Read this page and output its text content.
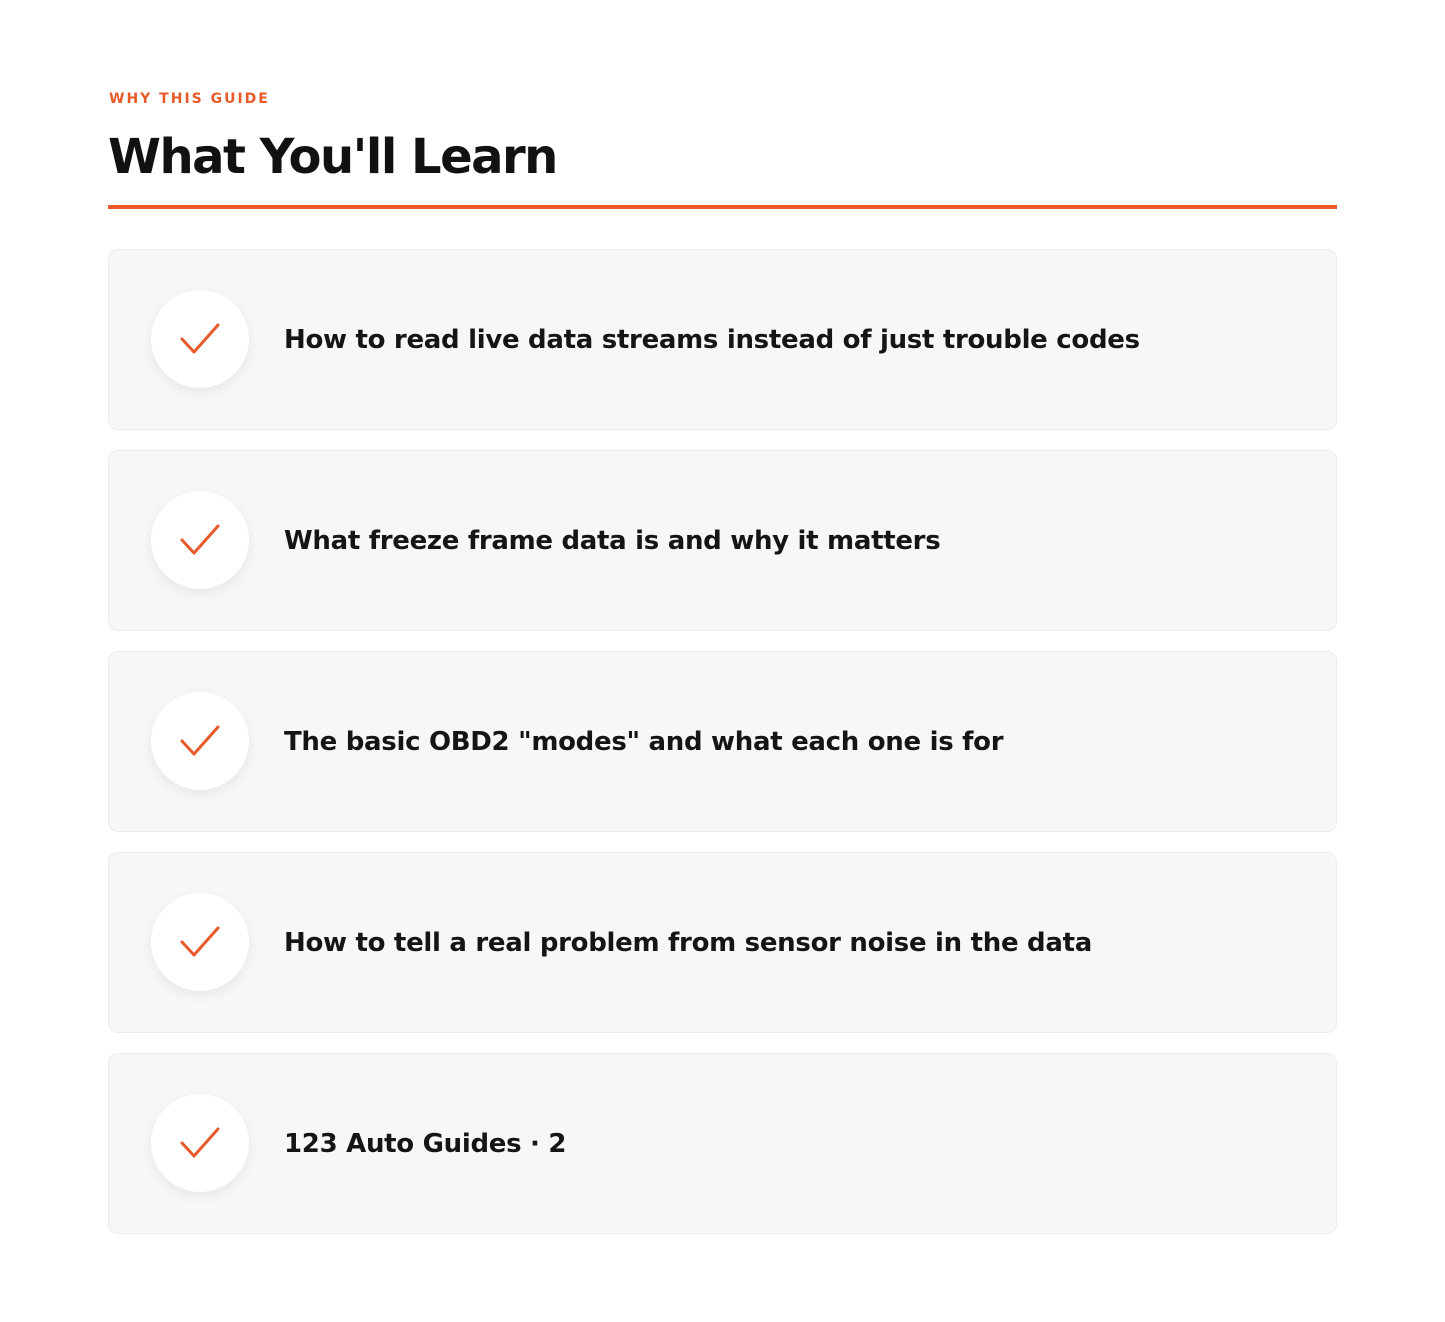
WHY THIS GUIDE

What You'll Learn
How to read live data streams instead of just trouble codes
What freeze frame data is and why it matters
The basic OBD2 "modes" and what each one is for
How to tell a real problem from sensor noise in the data
123 Auto Guides · 2
